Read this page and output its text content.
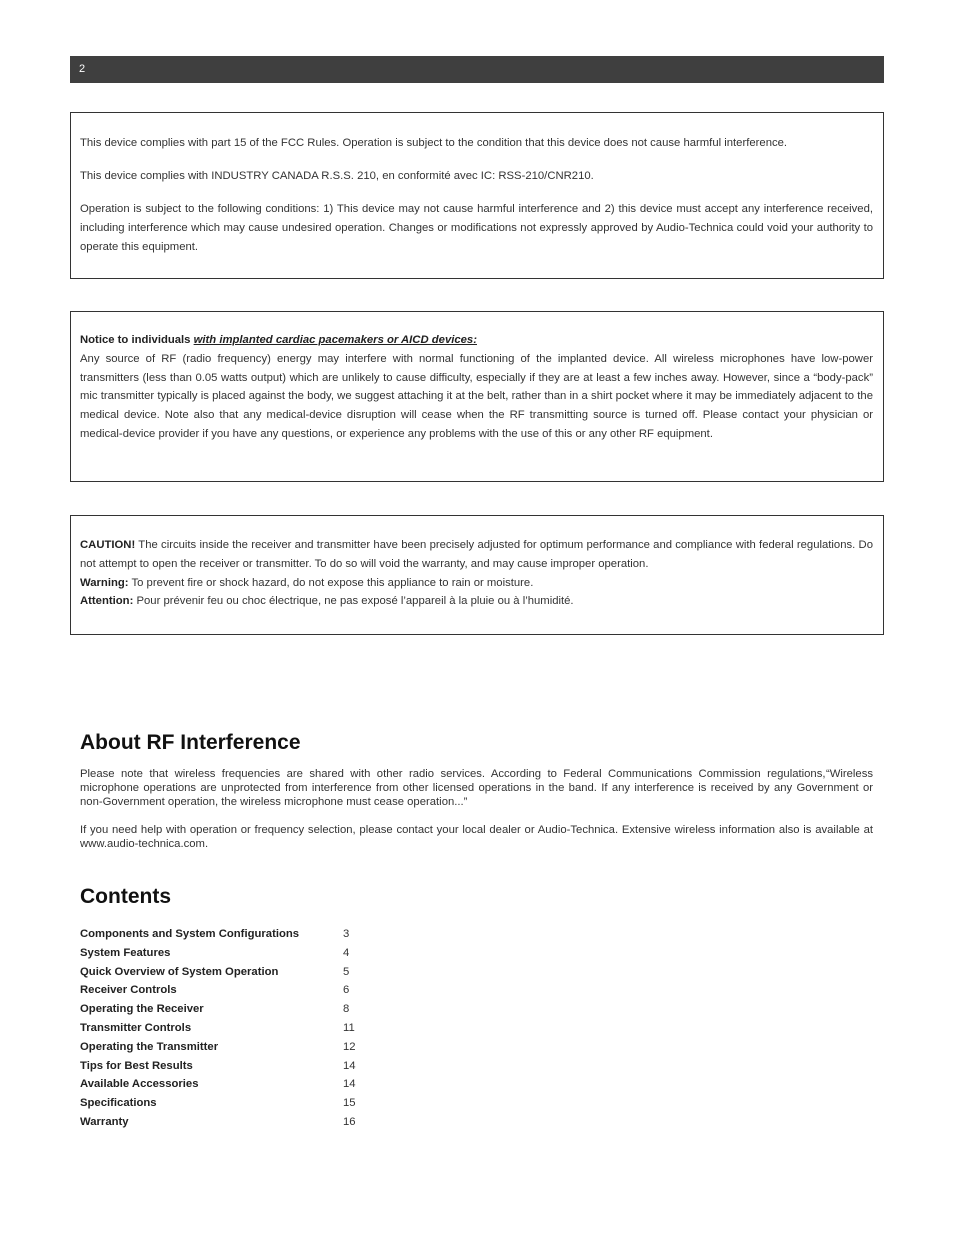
2

This device complies with part 15 of the FCC Rules. Operation is subject to the condition that this device does not cause harmful interference.

This device complies with INDUSTRY CANADA R.S.S. 210, en conformité avec IC: RSS-210/CNR210.

Operation is subject to the following conditions: 1) This device may not cause harmful interference and 2) this device must accept any interference received, including interference which may cause undesired operation. Changes or modifications not expressly approved by Audio-Technica could void your authority to operate this equipment.

Notice to individuals with implanted cardiac pacemakers or AICD devices:

Any source of RF (radio frequency) energy may interfere with normal functioning of the implanted device. All wireless microphones have low-power transmitters (less than 0.05 watts output) which are unlikely to cause difficulty, especially if they are at least a few inches away. However, since a “body-pack” mic transmitter typically is placed against the body, we suggest attaching it at the belt, rather than in a shirt pocket where it may be immediately adjacent to the medical device. Note also that any medical-device disruption will cease when the RF transmitting source is turned off. Please contact your physician or medical-device provider if you have any questions, or experience any problems with the use of this or any other RF equipment.

CAUTION! The circuits inside the receiver and transmitter have been precisely adjusted for optimum performance and compliance with federal regulations. Do not attempt to open the receiver or transmitter. To do so will void the warranty, and may cause improper operation.

Warning: To prevent fire or shock hazard, do not expose this appliance to rain or moisture.

Attention: Pour prévenir feu ou choc électrique, ne pas exposé l’appareil à la pluie ou à l’humidité.

About RF Interference
Please note that wireless frequencies are shared with other radio services. According to Federal Communications Commission regulations, “Wireless microphone operations are unprotected from interference from other licensed operations in the band. If any interference is received by any Government or non-Government operation, the wireless microphone must cease operation...”
If you need help with operation or frequency selection, please contact your local dealer or Audio-Technica. Extensive wireless information also is available at www.audio-technica.com.
Contents
Components and System Configurations	3
System Features	4
Quick Overview of System Operation	5
Receiver Controls	6
Operating the Receiver	8
Transmitter Controls	11
Operating the Transmitter	12
Tips for Best Results	14
Available Accessories	14
Specifications	15
Warranty	16
